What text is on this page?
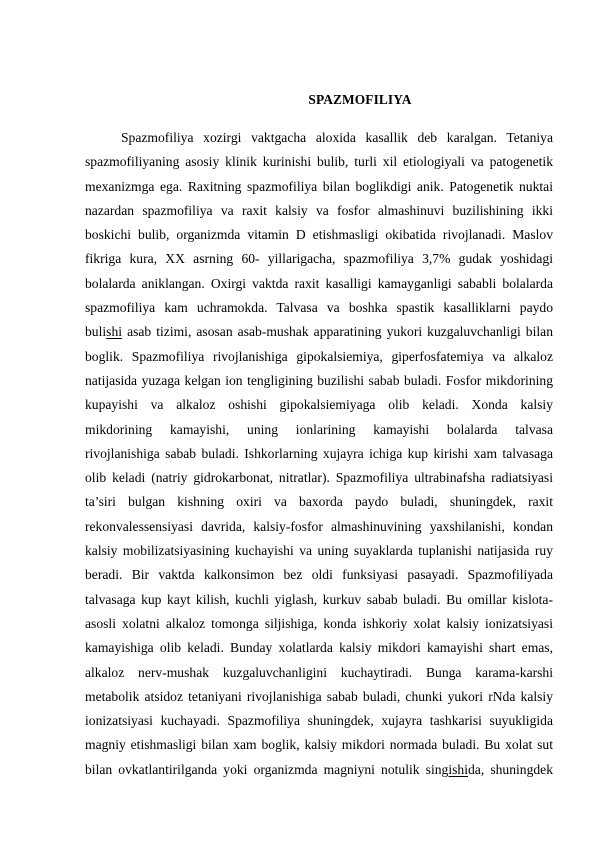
SPAZMOFILIYA
Spazmofiliya xozirgi vaktgacha aloxida kasallik deb karalgan. Tetaniya
spazmofiliyaning asosiy klinik kurinishi bulib, turli xil etiologiyali va patogenetik
mexanizmga ega. Raxitning spazmofiliya bilan boglikdigi anik. Patogenetik nuktai
nazardan spazmofiliya va raxit kalsiy va fosfor almashinuvi buzilishining ikki
boskichi bulib, organizmda vitamin D etishmasligi okibatida rivojlanadi. Maslov
fikriga kura, XX asrning 60- yillarigacha, spazmofiliya 3,7% gudak yoshidagi
bolalarda aniklangan. Oxirgi vaktda raxit kasalligi kamayganligi sababli bolalarda
spazmofiliya kam uchramokda. Talvasa va boshka spastik kasalliklarni paydo
bulishi asab tizimi, asosan asab-mushak apparatining yukori kuzgaluvchanligi bilan
boglik. Spazmofiliya rivojlanishiga gipokalsiemiya, giperfosfatemiya va alkaloz
natijasida yuzaga kelgan ion tengligining buzilishi sabab buladi. Fosfor mikdorining
kupayishi va alkaloz oshishi gipokalsiemiyaga olib keladi. Xonda kalsiy
mikdorining kamayishi, uning ionlarining kamayishi bolalarda talvasa
rivojlanishiga sabab buladi. Ishkorlarning xujayra ichiga kup kirishi xam talvasaga
olib keladi (natriy gidrokarbonat, nitratlar). Spazmofiliya ultrabinafsha radiatsiyasi
ta’siri bulgan kishning oxiri va baxorda paydo buladi, shuningdek, raxit
rekonvalessensiyasi davrida, kalsiy-fosfor almashinuvining yaxshilanishi, kondan
kalsiy mobilizatsiyasining kuchayishi va uning suyaklarda tuplanishi natijasida ruy
beradi. Bir vaktda kalkonsimon bez oldi funksiyasi pasayadi. Spazmofiliyada
talvasaga kup kayt kilish, kuchli yiglash, kurkuv sabab buladi. Bu omillar kislota-
asosli xolatni alkaloz tomonga siljishiga, konda ishkoriy xolat kalsiy ionizatsiyasi
kamayishiga olib keladi. Bunday xolatlarda kalsiy mikdori kamayishi shart emas,
alkaloz nerv-mushak kuzgaluvchanligini kuchaytiradi. Bunga karama-karshi
metabolik atsidoz tetaniyani rivojlanishiga sabab buladi, chunki yukori rNda kalsiy
ionizatsiyasi kuchayadi. Spazmofiliya shuningdek, xujayra tashkarisi suyukligida
magniy etishmasligi bilan xam boglik, kalsiy mikdori normada buladi. Bu xolat sut
bilan ovkatlantirilganda yoki organizmda magniyni notulik singishida, shuningdek
